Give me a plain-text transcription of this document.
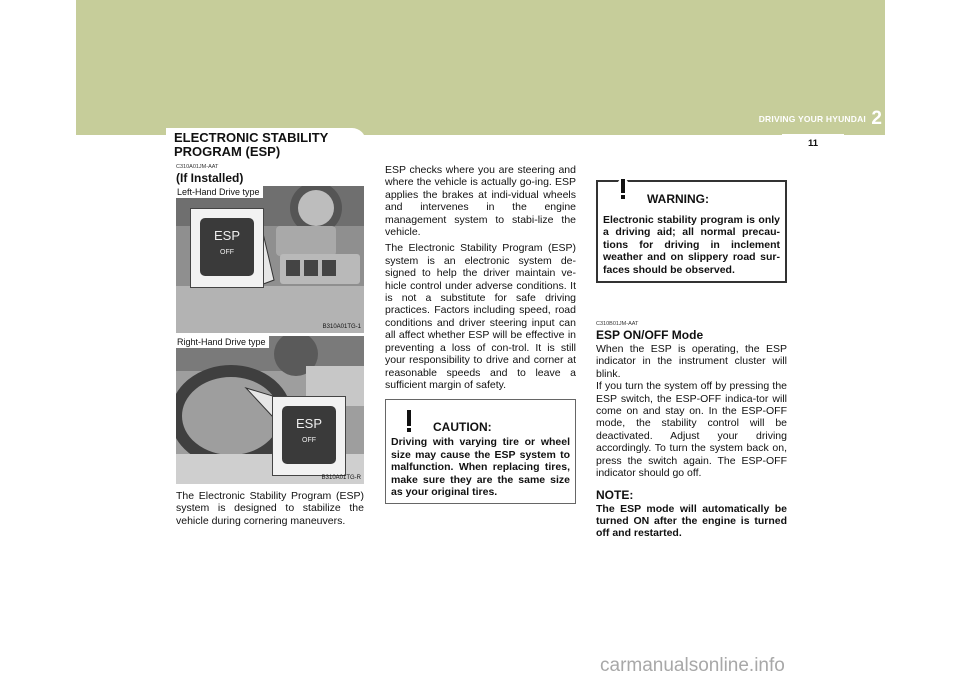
DRIVING YOUR HYUNDAI 2
11
ELECTRONIC STABILITY PROGRAM (ESP)
C310A01JM-AAT
(If Installed)
Left-Hand Drive type
ESP
OFF
B310A01TG-1
Right-Hand Drive type
ESP
OFF
B310A01TG-R

The Electronic Stability Program (ESP) system is designed to stabilize the vehicle during cornering maneuvers.

ESP checks where you are steering and where the vehicle is actually go-ing. ESP applies the brakes at indi-vidual wheels and intervenes in the engine management system to stabi-lize the vehicle.

The Electronic Stability Program (ESP) system is an electronic system de-signed to help the driver maintain ve-hicle control under adverse conditions. It is not a substitute for safe driving practices. Factors including speed, road conditions and driver steering input can all affect whether ESP will be effective in preventing a loss of con-trol. It is still your responsibility to drive and corner at reasonable speeds and to leave a sufficient margin of safety.

CAUTION:
Driving with varying tire or wheel size may cause the ESP system to malfunction. When replacing tires, make sure they are the same size as your original tires.
WARNING:
Electronic stability program is only a driving aid; all normal precau-tions for driving in inclement weather and on slippery road sur-faces should be observed.
C310B01JM-AAT
ESP ON/OFF Mode

When the ESP is operating, the ESP indicator in the instrument cluster will blink.

If you turn the system off by pressing the ESP switch, the ESP-OFF indica-tor will come on and stay on. In the ESP-OFF mode, the stability control will be deactivated. Adjust your driving accordingly. To turn the system back on, press the switch again. The ESP-OFF indicator should go off.

NOTE:
The ESP mode will automatically be turned ON after the engine is turned off and restarted.
carmanualsonline.info
